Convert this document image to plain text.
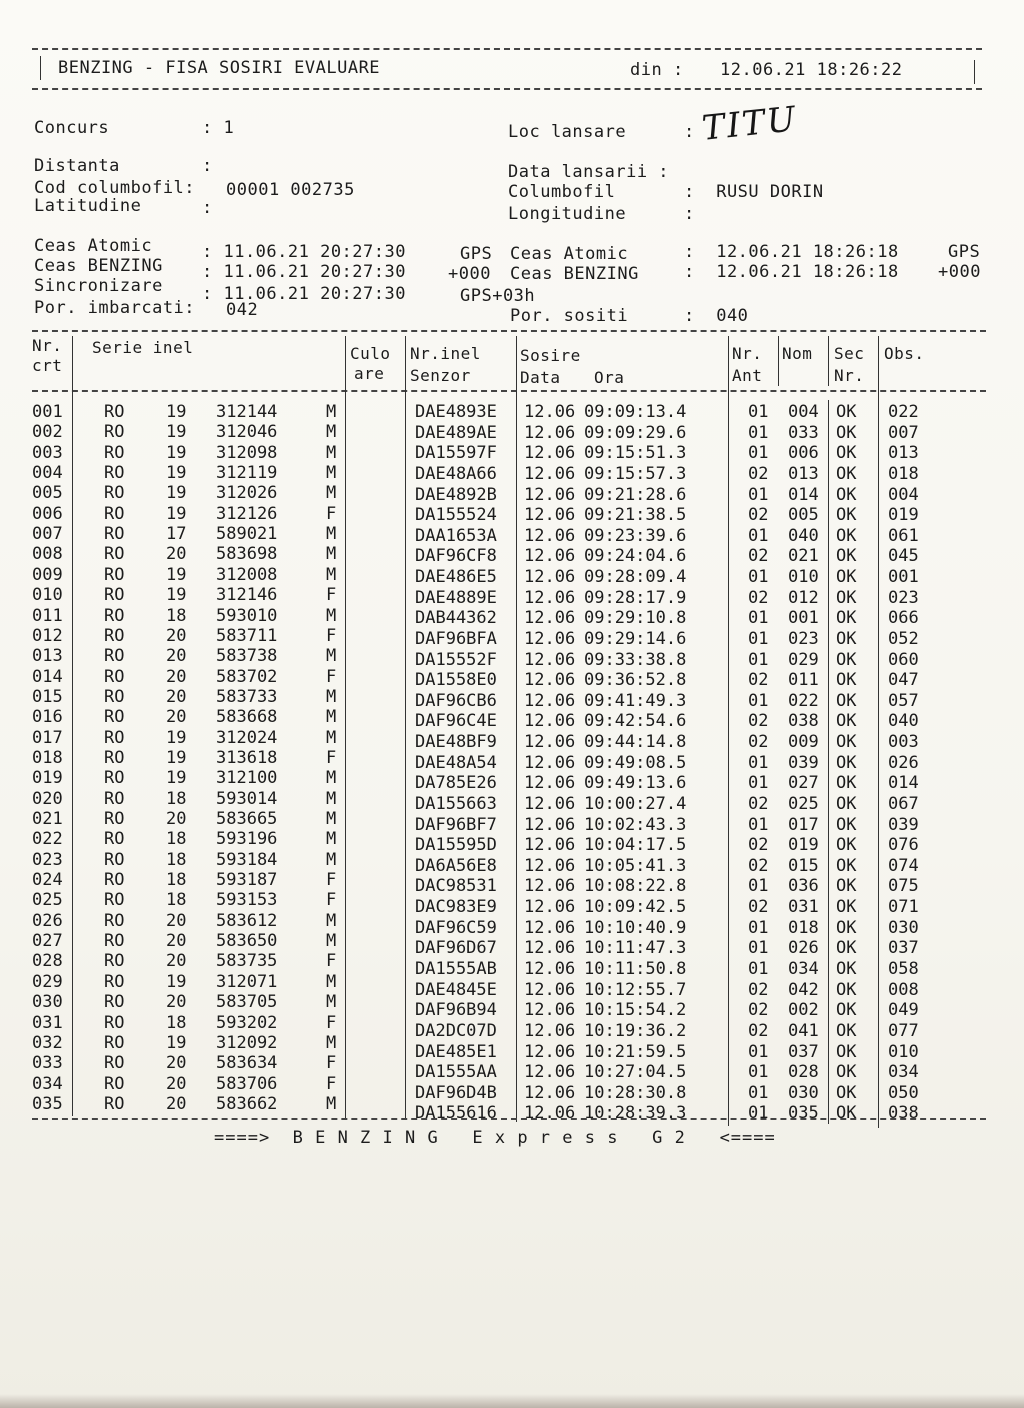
BENZING - FISA SOSIRI EVALUARE	din : 12.06.21 18:26:22
Concurs	: 1	Loc lansare	: TITU
Distanta	:
Cod columbofil: 00001 002735
Latitudine	:
Data lansarii :
Columbofil	:  RUSU DORIN
Longitudine	:
Ceas Atomic	: 11.06.21 20:27:30	GPS
Ceas BENZING : 11.06.21 20:27:30 +000
Sincronizare : 11.06.21 20:27:30	GPS+03h
Por. imbarcati: 042
Ceas Atomic	:  12.06.21 18:26:18	GPS
Ceas BENZING	:  12.06.21 18:26:18 +000
Por. sositi	:  040
Nr.
crt
Serie inel	Culo
are
Nr.inel
Senzor
Sosire
Data Ora
Nr.
Ant
Nom Sec
Nr.
Obs.
001 RO 19 312144	M	DAE4893E 12.06 09:09:13.4	01 004 OK 022
002 RO 19 312046	M	DAE489AE 12.06 09:09:29.6	01 033 OK 007
003 RO 19 312098	M	DA15597F 12.06 09:15:51.3	01 006 OK 013
004 RO 19 312119	M	DAE48A66 12.06 09:15:57.3	02 013 OK 018
005 RO 19 312026	M	DAE4892B 12.06 09:21:28.6	01 014 OK 004
006 RO 19 312126	F	DA155524 12.06 09:21:38.5	02 005 OK 019
007 RO 17 589021	M	DAA1653A 12.06 09:23:39.6	01 040 OK 061
008 RO 20 583698	M	DAF96CF8 12.06 09:24:04.6	02 021 OK 045
009 RO 19 312008	M	DAE486E5 12.06 09:28:09.4	01 010 OK 001
010 RO 19 312146	F	DAE4889E 12.06 09:28:17.9	02 012 OK 023
011 RO 18 593010	M	DAB44362 12.06 09:29:10.8	01 001 OK 066
012 RO 20 583711	F	DAF96BFA 12.06 09:29:14.6	01 023 OK 052
013 RO 20 583738	M	DA15552F 12.06 09:33:38.8	01 029 OK 060
014 RO 20 583702	F	DA1558E0 12.06 09:36:52.8	02 011 OK 047
015 RO 20 583733	M	DAF96CB6 12.06 09:41:49.3	01 022 OK 057
016 RO 20 583668	M	DAF96C4E 12.06 09:42:54.6	02 038 OK 040
017 RO 19 312024	M	DAE48BF9 12.06 09:44:14.8	02 009 OK 003
018 RO 19 313618	F	DAE48A54 12.06 09:49:08.5	01 039 OK 026
019 RO 19 312100	M	DA785E26 12.06 09:49:13.6	01 027 OK 014
020 RO 18 593014	M	DA155663 12.06 10:00:27.4	02 025 OK 067
021 RO 20 583665	M	DAF96BF7 12.06 10:02:43.3	01 017 OK 039
022 RO 18 593196	M	DA15595D 12.06 10:04:17.5	02 019 OK 076
023 RO 18 593184	M	DA6A56E8 12.06 10:05:41.3	02 015 OK 074
024 RO 18 593187	F	DAC98531 12.06 10:08:22.8	01 036 OK 075
025 RO 18 593153	F	DAC983E9 12.06 10:09:42.5	02 031 OK 071
026 RO 20 583612	M	DAF96C59 12.06 10:10:40.9	01 018 OK 030
027 RO 20 583650	M	DAF96D67 12.06 10:11:47.3	01 026 OK 037
028 RO 20 583735	F	DA1555AB 12.06 10:11:50.8	01 034 OK 058
029 RO 19 312071	M	DAE4845E 12.06 10:12:55.7	02 042 OK 008
030 RO 20 583705	M	DAF96B94 12.06 10:15:54.2	02 002 OK 049
031 RO 18 593202	F	DA2DC07D 12.06 10:19:36.2	02 041 OK 077
032 RO 19 312092	M	DAE485E1 12.06 10:21:59.5	01 037 OK 010
033 RO 20 583634	F	DA1555AA 12.06 10:27:04.5	01 028 OK 034
034 RO 20 583706	F	DAF96D4B 12.06 10:28:30.8	01 030 OK 050
035 RO 20 583662	M	DA155616 12.06 10:28:39.3	01 035 OK 038
====>  B E N Z I N G   E x p r e s s   G 2   <====
